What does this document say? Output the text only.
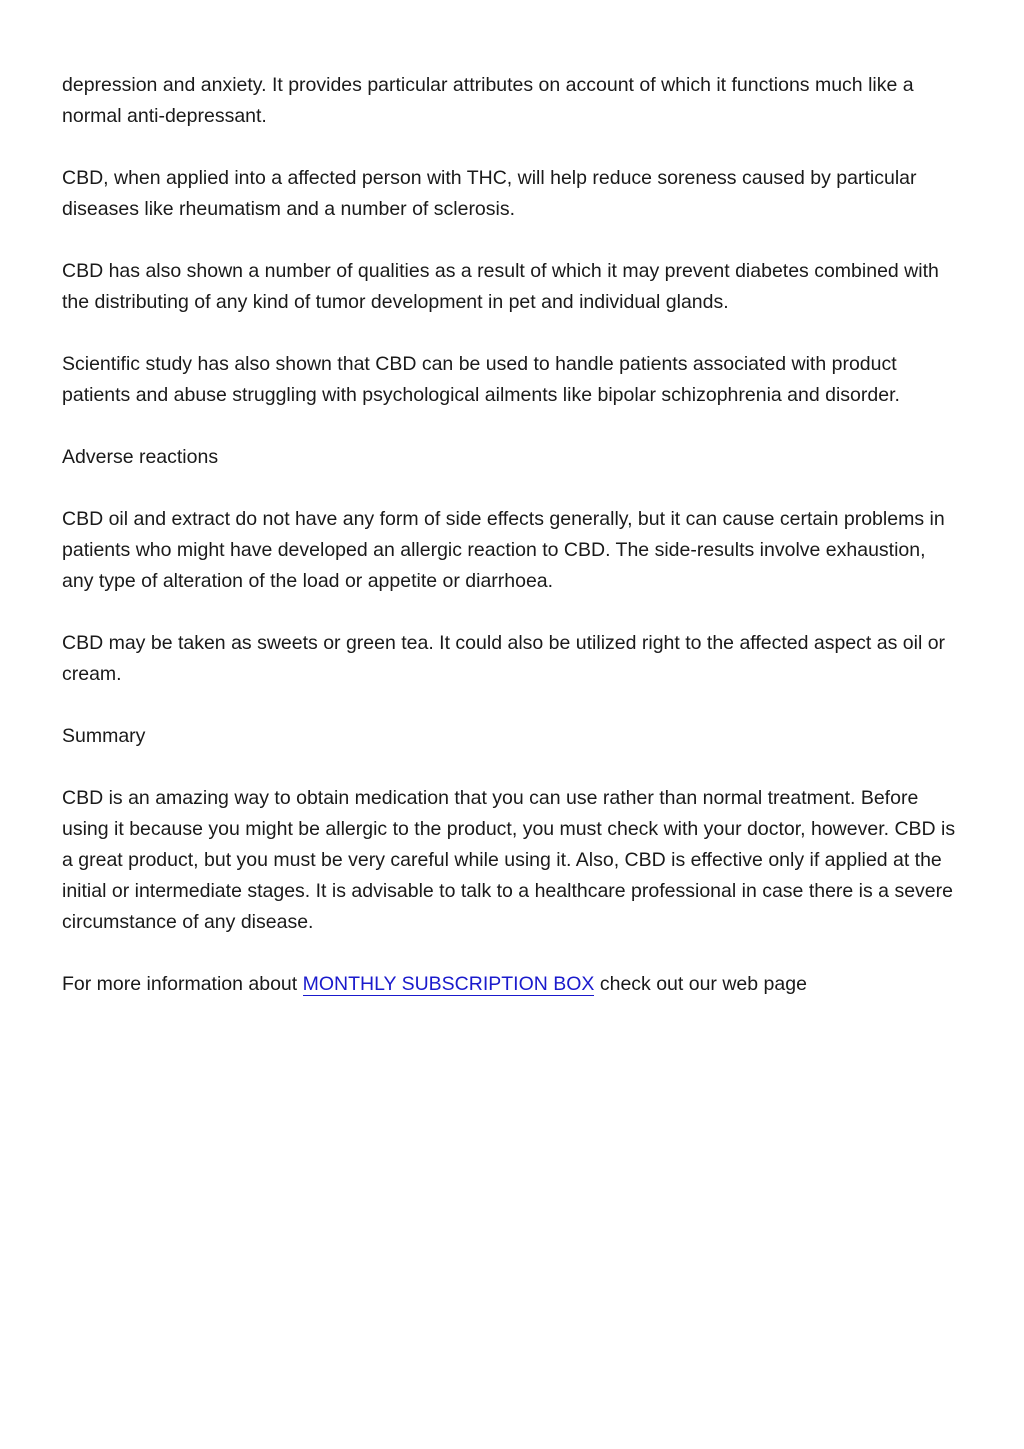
depression and anxiety. It provides particular attributes on account of which it functions much like a normal anti-depressant.

CBD, when applied into a affected person with THC, will help reduce soreness caused by particular diseases like rheumatism and a number of sclerosis.

CBD has also shown a number of qualities as a result of which it may prevent diabetes combined with the distributing of any kind of tumor development in pet and individual glands.

Scientific study has also shown that CBD can be used to handle patients associated with product patients and abuse struggling with psychological ailments like bipolar schizophrenia and disorder.

Adverse reactions

CBD oil and extract do not have any form of side effects generally, but it can cause certain problems in patients who might have developed an allergic reaction to CBD. The side-results involve exhaustion, any type of alteration of the load or appetite or diarrhoea.

CBD may be taken as sweets or green tea. It could also be utilized right to the affected aspect as oil or cream.

Summary

CBD is an amazing way to obtain medication that you can use rather than normal treatment. Before using it because you might be allergic to the product, you must check with your doctor, however. CBD is a great product, but you must be very careful while using it. Also, CBD is effective only if applied at the initial or intermediate stages. It is advisable to talk to a healthcare professional in case there is a severe circumstance of any disease.

For more information about MONTHLY SUBSCRIPTION BOX check out our web page
